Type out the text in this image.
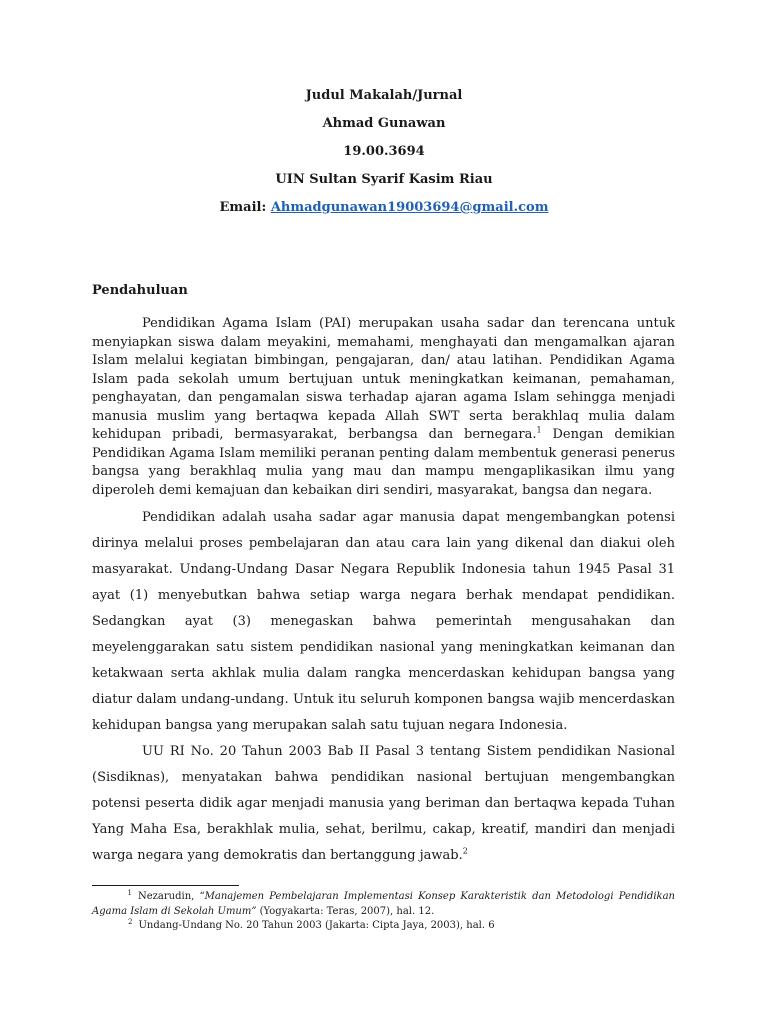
Judul Makalah/Jurnal
Ahmad Gunawan
19.00.3694
UIN Sultan Syarif Kasim Riau
Email: Ahmadgunawan19003694@gmail.com
Pendahuluan

Pendidikan Agama Islam (PAI) merupakan usaha sadar dan terencana untuk menyiapkan siswa dalam meyakini, memahami, menghayati dan mengamalkan ajaran Islam melalui kegiatan bimbingan, pengajaran, dan/ atau latihan. Pendidikan Agama Islam pada sekolah umum bertujuan untuk meningkatkan keimanan, pemahaman, penghayatan, dan pengamalan siswa terhadap ajaran agama Islam sehingga menjadi manusia muslim yang bertaqwa kepada Allah SWT serta berakhlaq mulia dalam kehidupan pribadi, bermasyarakat, berbangsa dan bernegara.$^1$ Dengan demikian Pendidikan Agama Islam memiliki peranan penting dalam membentuk generasi penerus bangsa yang berakhlaq mulia yang mau dan mampu mengaplikasikan ilmu yang diperoleh demi kemajuan dan kebaikan diri sendiri, masyarakat, bangsa dan negara.

Pendidikan adalah usaha sadar agar manusia dapat mengembangkan potensi dirinya melalui proses pembelajaran dan atau cara lain yang dikenal dan diakui oleh masyarakat. Undang-Undang Dasar Negara Republik Indonesia tahun 1945 Pasal 31 ayat (1) menyebutkan bahwa setiap warga negara berhak mendapat pendidikan. Sedangkan ayat (3) menegaskan bahwa pemerintah mengusahakan dan meyelenggarakan satu sistem pendidikan nasional yang meningkatkan keimanan dan ketakwaan serta akhlak mulia dalam rangka mencerdaskan kehidupan bangsa yang diatur dalam undang-undang. Untuk itu seluruh komponen bangsa wajib mencerdaskan kehidupan bangsa yang merupakan salah satu tujuan negara Indonesia.

UU RI No. 20 Tahun 2003 Bab II Pasal 3 tentang Sistem pendidikan Nasional (Sisdiknas), menyatakan bahwa pendidikan nasional bertujuan mengembangkan potensi peserta didik agar menjadi manusia yang beriman dan bertaqwa kepada Tuhan Yang Maha Esa, berakhlak mulia, sehat, berilmu, cakap, kreatif, mandiri dan menjadi warga negara yang demokratis dan bertanggung jawab.$^2$

$^1$ Nezarudin, “Manajemen Pembelajaran Implementasi Konsep Karakteristik dan Metodologi Pendidikan Agama Islam di Sekolah Umum” (Yogyakarta: Teras, 2007), hal. 12.

$^2$ Undang-Undang No. 20 Tahun 2003 (Jakarta: Cipta Jaya, 2003), hal. 6
